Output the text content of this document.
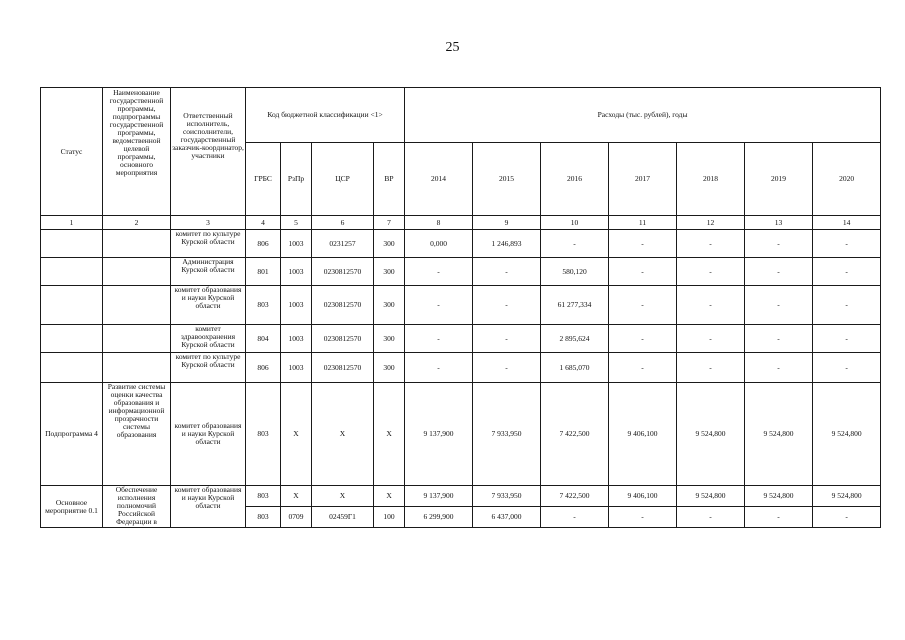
25
Статус	Наименование государственной программы, подпрограммы государственной программы, ведомственной целевой программы, основного мероприятия	Ответственный исполнитель, соисполнители, государственный заказчик-координатор, участники	Код бюджетной классификации <1>				Расходы (тыс. рублей), годы						
			ГРБС	РзПр	ЦСР	ВР	2014	2015	2016	2017	2018	2019	2020
1	2	3	4	5	6	7	8	9	10	11	12	13	14

		комитет по культуре Курской области	806	1003	0231257	300	0,000	1 246,893	-	-	-	-	-

		Администрация Курской области	801	1003	0230812570	300	-	-	580,120	-	-	-	-

		комитет образования и науки Курской области	803	1003	0230812570	300	-	-	61 277,334	-	-	-	-

		комитет здравоохранения Курской области	804	1003	0230812570	300	-	-	2 895,624	-	-	-	-

		комитет по культуре Курской области	806	1003	0230812570	300	-	-	1 685,070	-	-	-	-
Подпрограмма 4	Развитие системы оценки качества образования и информационной прозрачности системы образования	комитет образования и науки Курской области	803	X	X	X	9 137,900	7 933,950	7 422,500	9 406,100	9 524,800	9 524,800	9 524,800
Основное мероприятие 0.1	Обеспечение исполнения полномочий Российской Федерации в	комитет образования и науки Курской области	803	X	X	X	9 137,900	7 933,950	7 422,500	9 406,100	9 524,800	9 524,800	9 524,800
			803	0709	02459Г1	100	6 299,900	6 437,000	-	-	-	-	-
